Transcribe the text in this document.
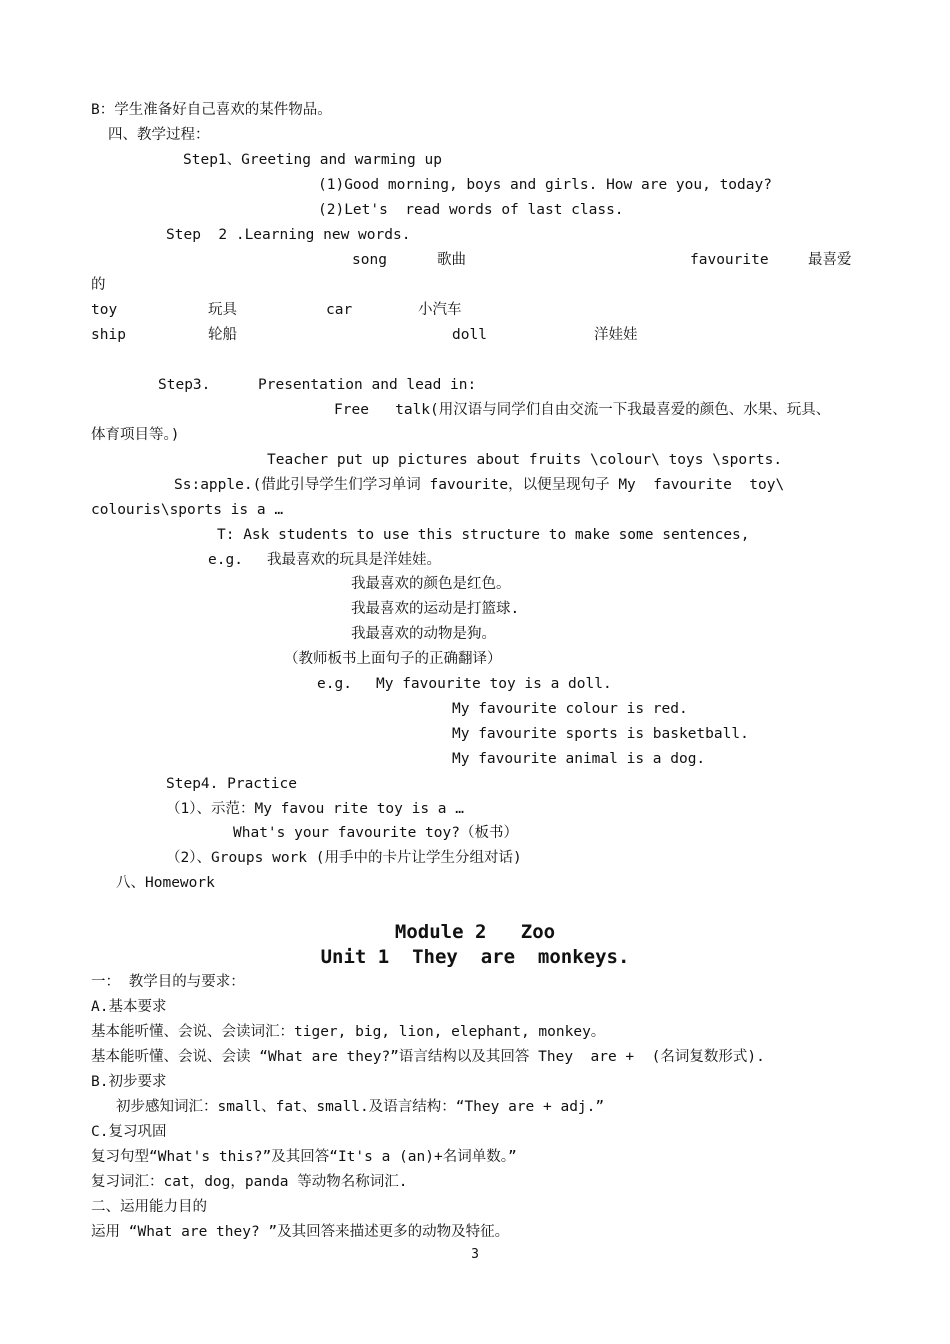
B：学生准备好自己喜欢的某件物品。
四、教学过程：
Step1、Greeting and warming up
(1)Good morning, boys and girls. How are you, today?
(2)Let's  read words of last class.
Step  2 .Learning new words.
song	歌曲	favourite	最喜爱
的
toy	玩具	car	小汽车
ship	轮船	doll	洋娃娃
Step3.	Presentation and lead in:
Free   talk(用汉语与同学们自由交流一下我最喜爱的颜色、水果、玩具、
体育项目等。)
Teacher put up pictures about fruits \colour\ toys \sports.
Ss:apple.(借此引导学生们学习单词 favourite，以便呈现句子 My  favourite  toy\
colouris\sports is a …
T: Ask students to use this structure to make some sentences,
e.g. 我最喜欢的玩具是洋娃娃。
我最喜欢的颜色是红色。
我最喜欢的运动是打篮球.
我最喜欢的动物是狗。
（教师板书上面句子的正确翻译）
e.g. My favourite toy is a doll.
My favourite colour is red.
My favourite sports is basketball.
My favourite animal is a dog.
Step4. Practice
（1）、示范：My favou rite toy is a …
What's your favourite toy?（板书）
（2）、Groups work (用手中的卡片让学生分组对话)
八、Homework
Module 2   Zoo
Unit 1  They  are  monkeys.
一： 教学目的与要求：
A.基本要求
基本能听懂、会说、会读词汇：tiger, big, lion, elephant, monkey。
基本能听懂、会说、会读 “What are they?”语言结构以及其回答 They  are +  (名词复数形式).
B.初步要求
初步感知词汇：small、fat、small.及语言结构：“They are + adj.”
C.复习巩固
复习句型“What's this?”及其回答“It's a (an)+名词单数。”
复习词汇：cat，dog，panda 等动物名称词汇.
二、运用能力目的
运用 “What are they? ”及其回答来描述更多的动物及特征。
3
